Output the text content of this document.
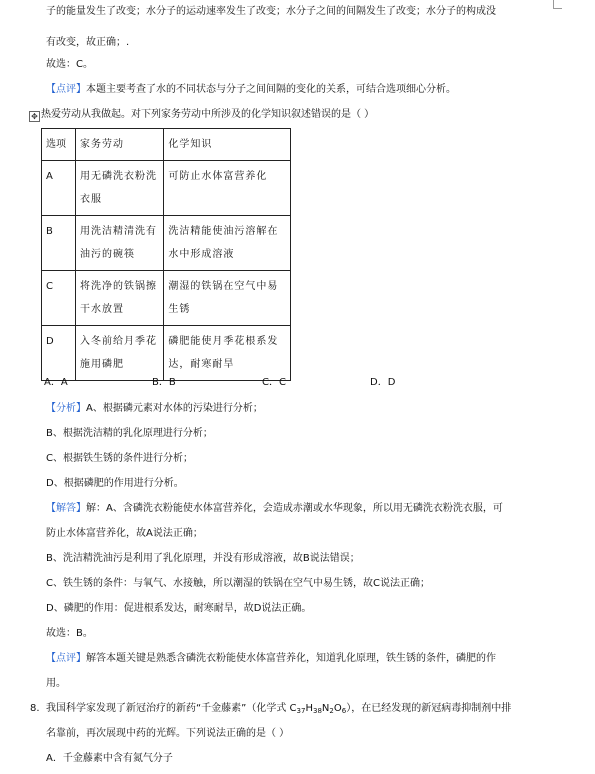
子的能量发生了改变；水分子的运动速率发生了改变；水分子之间的间隔发生了改变；水分子的构成没
有改变，故正确；.
故选：C。
【点评】本题主要考查了水的不同状态与分子之间间隔的变化的关系，可结合选项细心分析。
✥ 热爱劳动从我做起。对下列家务劳动中所涉及的化学知识叙述错误的是（ ）
选项	家务劳动	化学知识
A	用无磷洗衣粉洗衣服	可防止水体富营养化
B	用洗洁精清洗有油污的碗筷	洗洁精能使油污溶解在水中形成溶液
C	将洗净的铁锅擦干水放置	潮湿的铁锅在空气中易生锈
D	入冬前给月季花施用磷肥	磷肥能使月季花根系发达，耐寒耐旱
A．A	B．B	C．C	D．D
【分析】A、根据磷元素对水体的污染进行分析；
B、根据洗洁精的乳化原理进行分析；
C、根据铁生锈的条件进行分析；
D、根据磷肥的作用进行分析。
【解答】解：A、含磷洗衣粉能使水体富营养化，会造成赤潮或水华现象，所以用无磷洗衣粉洗衣服，可
防止水体富营养化，故A说法正确；
B、洗洁精洗油污是利用了乳化原理，并没有形成溶液，故B说法错误；
C、铁生锈的条件：与氧气、水接触，所以潮湿的铁锅在空气中易生锈，故C说法正确；
D、磷肥的作用：促进根系发达，耐寒耐旱，故D说法正确。
故选：B。
【点评】解答本题关键是熟悉含磷洗衣粉能使水体富营养化，知道乳化原理，铁生锈的条件，磷肥的作
用。
8. 我国科学家发现了新冠治疗的新药“千金藤素”（化学式 $C_{37}H_{38}N_2O_6$），在已经发现的新冠病毒抑制剂中排
名靠前，再次展现中药的光辉。下列说法正确的是（ ）
A．千金藤素中含有氮气分子
